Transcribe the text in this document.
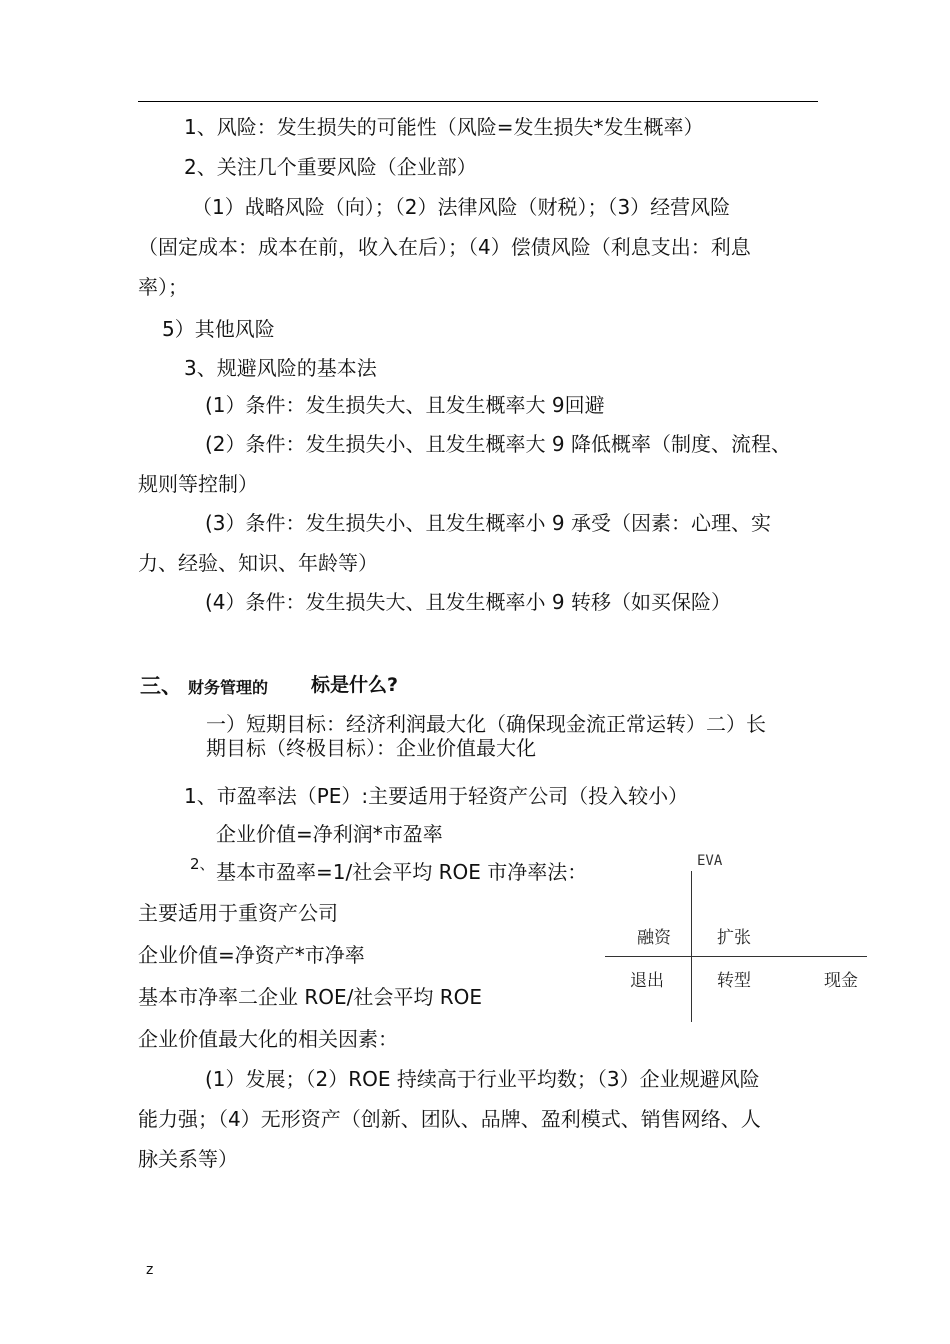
1、风险：发生损失的可能性（风险=发生损失*发生概率）
2、关注几个重要风险（企业部）
（1）战略风险（向）；（2）法律风险（财税）；（3）经营风险
（固定成本：成本在前，收入在后）；（4）偿债风险（利息支出：利息
率）；
5）其他风险
3、规避风险的基本法
(1）条件：发生损失大、且发生概率大 9回避
(2）条件：发生损失小、且发生概率大 9 降低概率（制度、流程、
规则等控制）
(3）条件：发生损失小、且发生概率小 9 承受（因素：心理、实
力、经验、知识、年龄等）
(4）条件：发生损失大、且发生概率小 9 转移（如买保险）
三、 财务管理的 标是什么?
一）短期目标：经济利润最大化（确保现金流正常运转）二）长
期目标（终极目标）：企业价值最大化
1、市盈率法（PE）:主要适用于轻资产公司（投入较小）
企业价值=净利润*市盈率
2、 基本市盈率=1/社会平均 ROE 市净率法：
主要适用于重资产公司
企业价值=净资产*市净率
基本市净率二企业 ROE/社会平均 ROE
企业价值最大化的相关因素：
(1）发展；（2）ROE 持续高于行业平均数；（3）企业规避风险
能力强；（4）无形资产（创新、团队、品牌、盈利模式、销售网络、人
脉关系等）
EVA
融资	扩张
退出	转型	现金
z
